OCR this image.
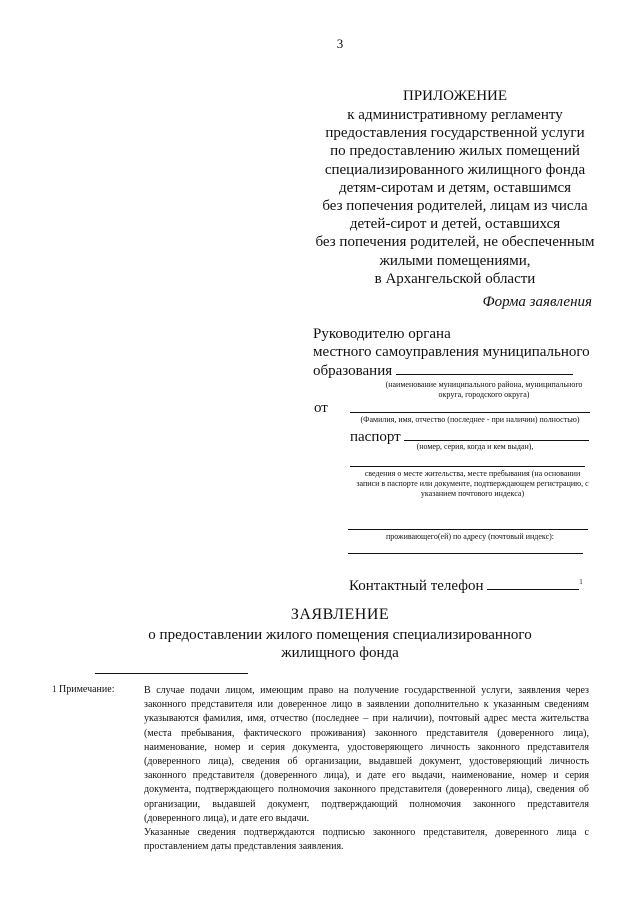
3
ПРИЛОЖЕНИЕ
к административному регламенту
предоставления государственной услуги
по предоставлению жилых помещений
специализированного жилищного фонда
детям-сиротам и детям, оставшимся
без попечения родителей, лицам из числа
детей-сирот и детей, оставшихся
без попечения родителей, не обеспеченным
жилыми помещениями,
в Архангельской области
Форма заявления
Руководителю органа
местного самоуправления муниципального
образования
(наименование муниципального района, муниципального округа, городского округа)
от
(Фамилия, имя, отчество (последнее - при наличии) полностью)
паспорт
(номер, серия, когда и кем выдан),
сведения о месте жительства, месте пребывания (на основании записи в паспорте или документе, подтверждающем регистрацию, с указанием почтового индекса)
проживающего(ей) по адресу (почтовый индекс):
Контактный телефон	$^1$
ЗАЯВЛЕНИЕ
о предоставлении жилого помещения специализированного
жилищного фонда
1 Примечание:	В случае подачи лицом, имеющим право на получение государственной услуги, заявления через законного представителя или доверенное лицо в заявлении дополнительно к указанным сведениям указываются фамилия, имя, отчество (последнее – при наличии), почтовый адрес места жительства (места пребывания, фактического проживания) законного представителя (доверенного лица), наименование, номер и серия документа, удостоверяющего личность законного представителя (доверенного лица), сведения об организации, выдавшей документ, удостоверяющий личность законного представителя (доверенного лица), и дате его выдачи, наименование, номер и серия документа, подтверждающего полномочия законного представителя (доверенного лица), сведения об организации, выдавшей документ, подтверждающий полномочия законного представителя (доверенного лица), и дате его выдачи.

Указанные сведения подтверждаются подписью законного представителя, доверенного лица с проставлением даты представления заявления.
